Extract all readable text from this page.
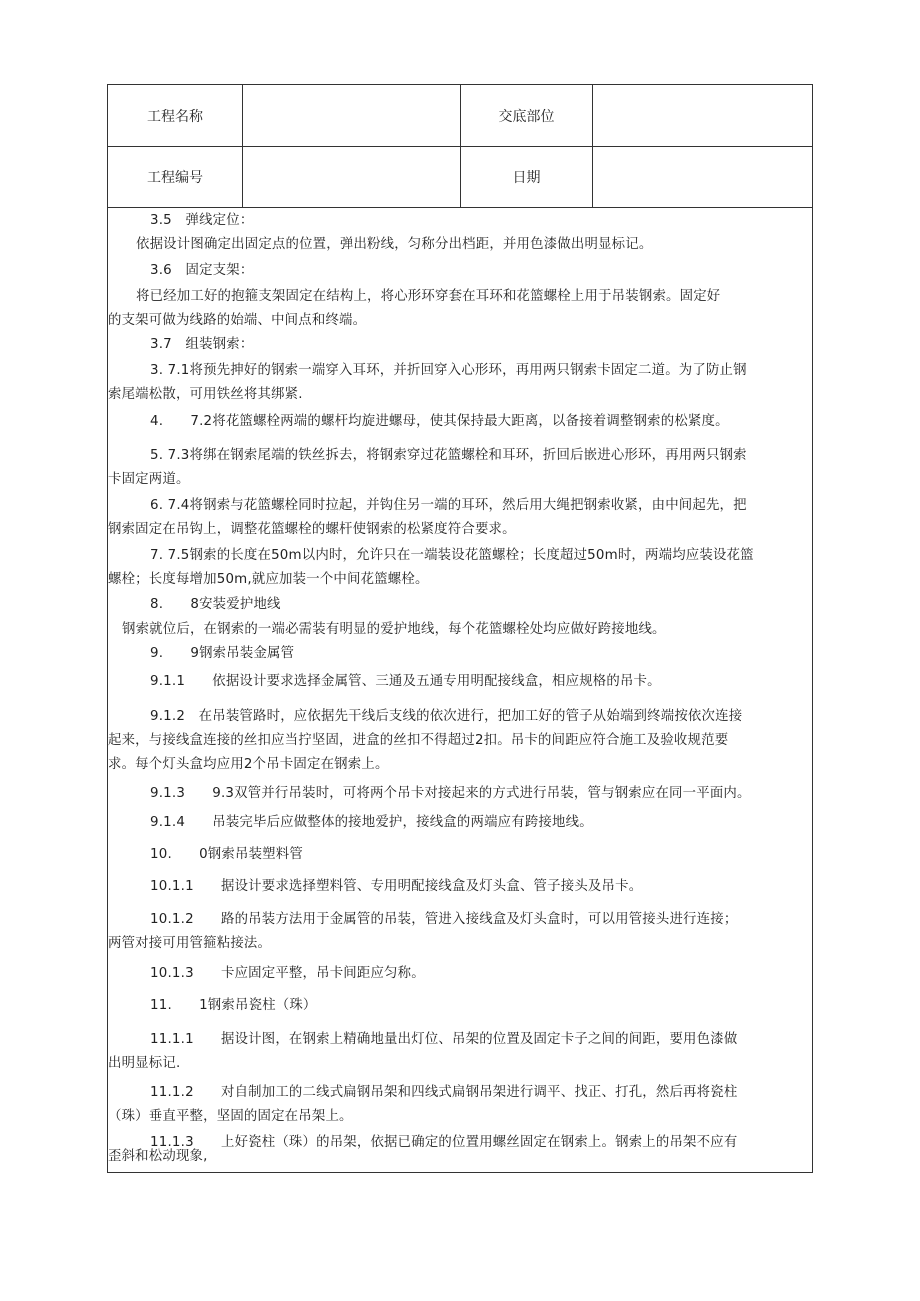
工程名称	交底部位
工程编号	日期
3.5　弹线定位：
依据设计图确定出固定点的位置，弹出粉线，匀称分出档距，并用色漆做出明显标记。
3.6　固定支架：
将已经加工好的抱箍支架固定在结构上，将心形环穿套在耳环和花篮螺栓上用于吊装钢索。固定好
的支架可做为线路的始端、中间点和终端。
3.7　组装钢索：
3. 7.1将预先抻好的钢索一端穿入耳环，并折回穿入心形环，再用两只钢索卡固定二道。为了防止钢
索尾端松散，可用铁丝将其绑紧.
4.　　7.2将花篮螺栓两端的螺杆均旋进螺母，使其保持最大距离，以备接着调整钢索的松紧度。
5. 7.3将绑在钢索尾端的铁丝拆去，将钢索穿过花篮螺栓和耳环，折回后嵌进心形环，再用两只钢索
卡固定两道。
6. 7.4将钢索与花篮螺栓同时拉起，并钩住另一端的耳环，然后用大绳把钢索收紧，由中间起先，把
钢索固定在吊钩上，调整花篮螺栓的螺杆使钢索的松紧度符合要求。
7. 7.5钢索的长度在50m以内时，允许只在一端装设花篮螺栓；长度超过50m时，两端均应装设花篮
螺栓；长度每增加50m,就应加装一个中间花篮螺栓。
8.　　8安装爱护地线
钢索就位后，在钢索的一端必需装有明显的爱护地线，每个花篮螺栓处均应做好跨接地线。
9.　　9钢索吊装金属管
9.1.1　　依据设计要求选择金属管、三通及五通专用明配接线盒，相应规格的吊卡。
9.1.2　在吊装管路时，应依据先干线后支线的依次进行，把加工好的管子从始端到终端按依次连接
起来，与接线盒连接的丝扣应当拧坚固，进盒的丝扣不得超过2扣。吊卡的间距应符合施工及验收规范要
求。每个灯头盒均应用2个吊卡固定在钢索上。
9.1.3　　9.3双管并行吊装时，可将两个吊卡对接起来的方式进行吊装，管与钢索应在同一平面内。
9.1.4　　吊装完毕后应做整体的接地爱护，接线盒的两端应有跨接地线。
10.　　0钢索吊装塑料管
10.1.1　　据设计要求选择塑料管、专用明配接线盒及灯头盒、管子接头及吊卡。
10.1.2　　路的吊装方法用于金属管的吊装，管进入接线盒及灯头盒时，可以用管接头进行连接；
两管对接可用管箍粘接法。
10.1.3　　卡应固定平整，吊卡间距应匀称。
11.　　1钢索吊瓷柱（珠）
11.1.1　　据设计图，在钢索上精确地量出灯位、吊架的位置及固定卡子之间的间距，要用色漆做
出明显标记.
11.1.2　　对自制加工的二线式扁钢吊架和四线式扁钢吊架进行调平、找正、打孔，然后再将瓷柱
（珠）垂直平整，坚固的固定在吊架上。
11.1.3　　上好瓷柱（珠）的吊架，依据已确定的位置用螺丝固定在钢索上。钢索上的吊架不应有
歪斜和松动现象,
